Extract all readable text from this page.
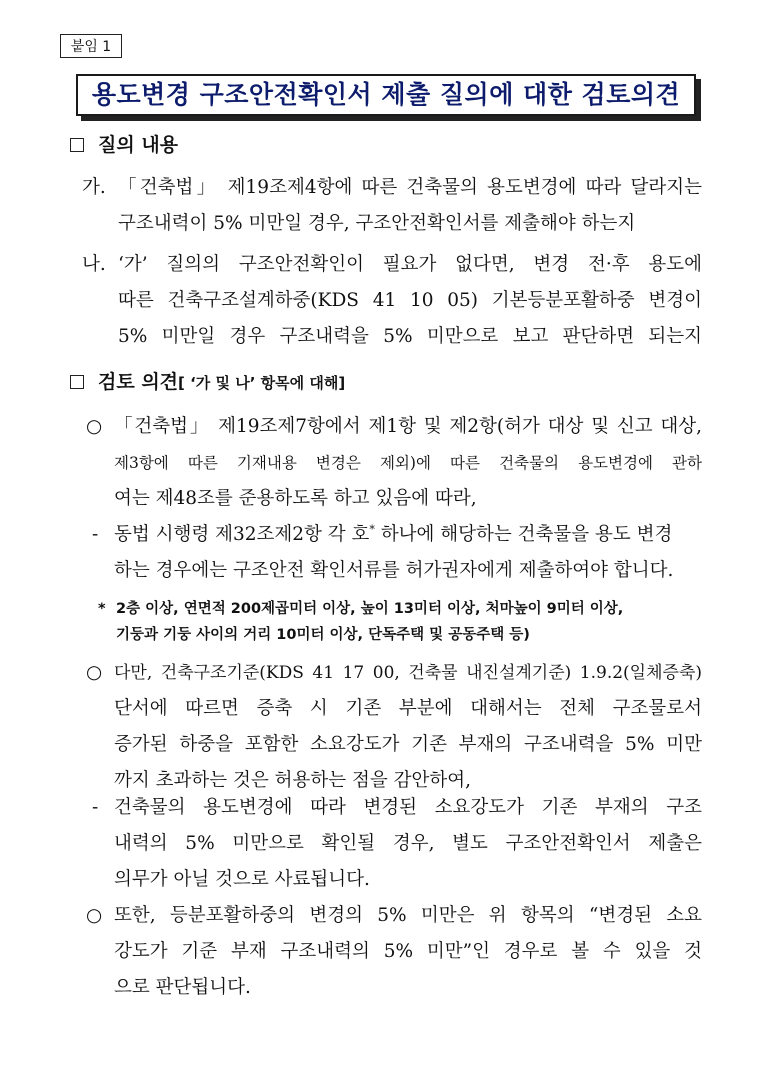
붙임 1
용도변경 구조안전확인서 제출 질의에 대한 검토의견
질의 내용
가. 「건축법」 제19조제4항에 따른 건축물의 용도변경에 따라 달라지는
구조내력이 5% 미만일 경우, 구조안전확인서를 제출해야 하는지
나. ‘가’ 질의의 구조안전확인이 필요가 없다면, 변경 전·후 용도에
따른 건축구조설계하중(KDS 41 10 05) 기본등분포활하중 변경이
5% 미만일 경우 구조내력을 5% 미만으로 보고 판단하면 되는지
검토 의견[ ‘가 및 나’ 항목에 대해]
○ 「건축법」 제19조제7항에서 제1항 및 제2항(허가 대상 및 신고 대상,
제3항에 따른 기재내용 변경은 제외)에 따른 건축물의 용도변경에 관하
여는 제48조를 준용하도록 하고 있음에 따라,
- 동법 시행령 제32조제2항 각 호* 하나에 해당하는 건축물을 용도 변경
하는 경우에는 구조안전 확인서류를 허가권자에게 제출하여야 합니다.
* 2층 이상, 연면적 200제곱미터 이상, 높이 13미터 이상, 처마높이 9미터 이상,
기둥과 기둥 사이의 거리 10미터 이상, 단독주택 및 공동주택 등)
○ 다만, 건축구조기준(KDS 41 17 00, 건축물 내진설계기준) 1.9.2(일체증축)
단서에 따르면 증축 시 기존 부분에 대해서는 전체 구조물로서
증가된 하중을 포함한 소요강도가 기존 부재의 구조내력을 5% 미만
까지 초과하는 것은 허용하는 점을 감안하여,
- 건축물의 용도변경에 따라 변경된 소요강도가 기존 부재의 구조
내력의 5% 미만으로 확인될 경우, 별도 구조안전확인서 제출은
의무가 아닐 것으로 사료됩니다.
○ 또한, 등분포활하중의 변경의 5% 미만은 위 항목의 “변경된 소요
강도가 기준 부재 구조내력의 5% 미만”인 경우로 볼 수 있을 것
으로 판단됩니다.
